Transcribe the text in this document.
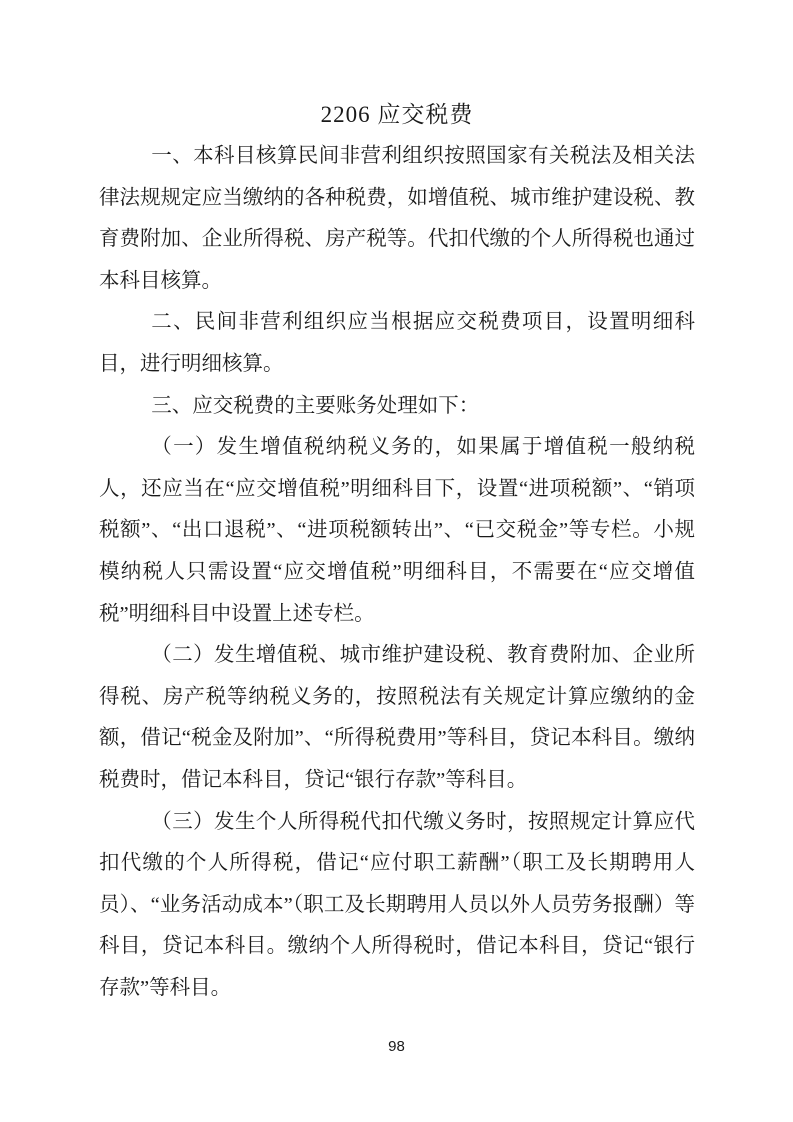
2206 应交税费

一、本科目核算民间非营利组织按照国家有关税法及相关法律法规规定应当缴纳的各种税费，如增值税、城市维护建设税、教育费附加、企业所得税、房产税等。代扣代缴的个人所得税也通过本科目核算。

二、民间非营利组织应当根据应交税费项目，设置明细科目，进行明细核算。

三、应交税费的主要账务处理如下：

（一）发生增值税纳税义务的，如果属于增值税一般纳税人，还应当在“应交增值税”明细科目下，设置“进项税额”、“销项税额”、“出口退税”、“进项税额转出”、“已交税金”等专栏。小规模纳税人只需设置“应交增值税”明细科目，不需要在“应交增值税”明细科目中设置上述专栏。

（二）发生增值税、城市维护建设税、教育费附加、企业所得税、房产税等纳税义务的，按照税法有关规定计算应缴纳的金额，借记“税金及附加”、“所得税费用”等科目，贷记本科目。缴纳税费时，借记本科目，贷记“银行存款”等科目。

（三）发生个人所得税代扣代缴义务时，按照规定计算应代扣代缴的个人所得税，借记“应付职工薪酬”（职工及长期聘用人员）、“业务活动成本”（职工及长期聘用人员以外人员劳务报酬）等科目，贷记本科目。缴纳个人所得税时，借记本科目，贷记“银行存款”等科目。

98
